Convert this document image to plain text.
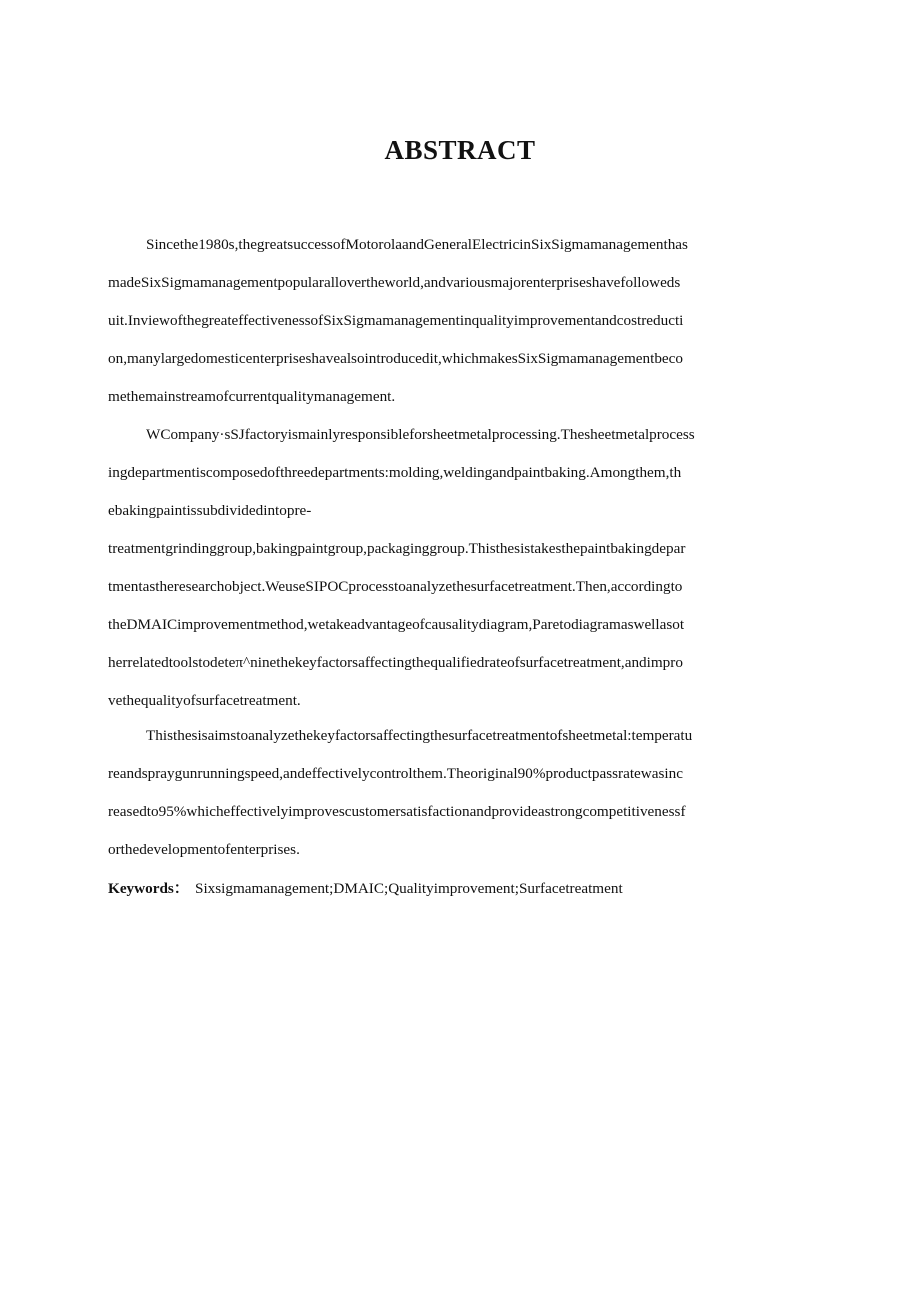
ABSTRACT
Sincethe1980s,thegreatsuccessofMotorolaandGeneralElectricinSixSigmamanagementhas
madeSixSigmamanagementpopularallovertheworld,andvariousmajorenterpriseshavefolloweds
uit.InviewofthegreateffectivenessofSixSigmamanagementinqualityimprovementandcostreducti
on,manylargedomesticenterpriseshavealsointroducedit,whichmakesSixSigmamanagementbeco
methemainstreamofcurrentqualitymanagement.
WCompany·sSJfactoryismainlyresponsibleforsheetmetalprocessing.Thesheetmetalprocess
ingdepartmentiscomposedofthreedepartments:molding,weldingandpaintbaking.Amongthem,th
ebakingpaintissubdividedintopre-
treatmentgrindinggroup,bakingpaintgroup,packaginggroup.Thisthesistakesthepaintbakingdepar
tmentastheresearchobject.WeuseSIPOCprocesstoanalyzethesurfacetreatment.Then,accordingto
theDMAICimprovementmethod,wetakeadvantageofcausalitydiagram,Paretodiagramaswellasot
herrelatedtoolstodeteπ^ninethekeyfactorsaffectingthequalifiedrateofsurfacetreatment,andimpro
vethequalityofsurfacetreatment.
Thisthesisaimstoanalyzethekeyfactorsaffectingthesurfacetreatmentofsheetmetal:temperatu
reandspraygunrunningspeed,andeffectivelycontrolthem.Theoriginal90%productpassratewasinc
reasedto95%whicheffectivelyimprovescustomersatisfactionandprovideastrongcompetitivenessf
orthedevelopmentofenterprises.
Keywords： Sixsigmamanagement;DMAIC;Qualityimprovement;Surfacetreatment
